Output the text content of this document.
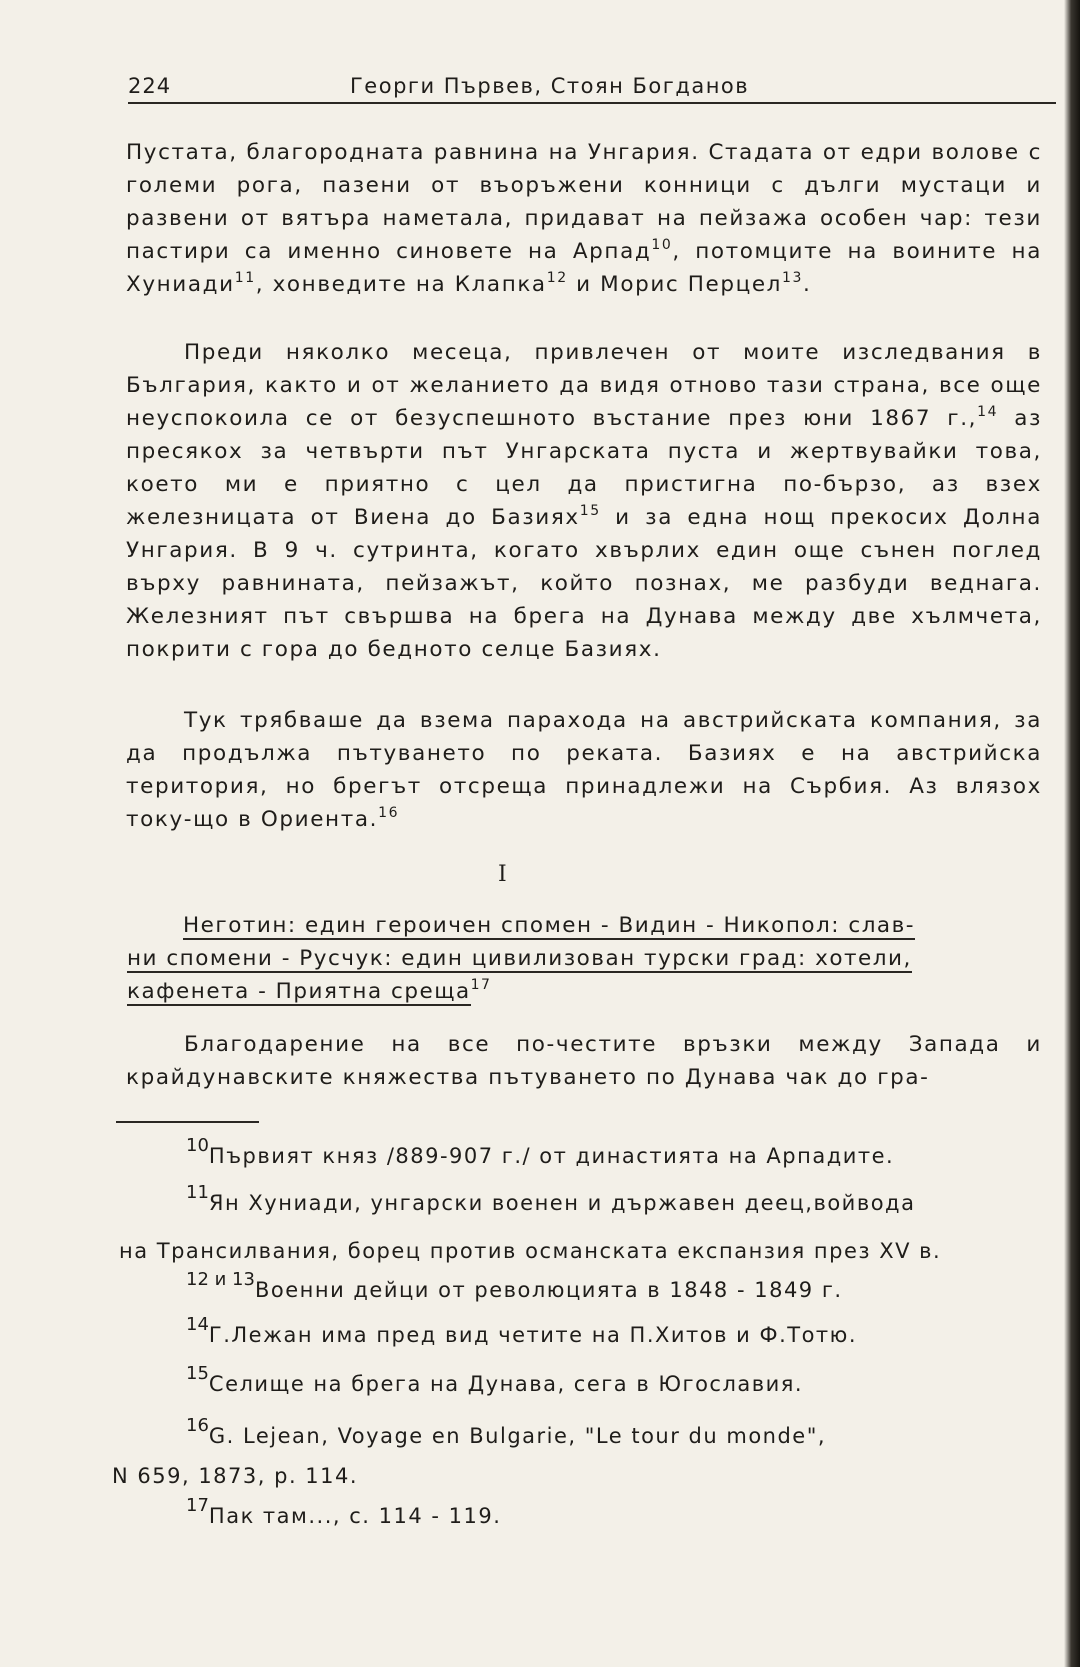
224	Георги Първев, Стоян Богданов

Пустата, благородната равнина на Унгария. Стадата от едри волове с големи рога, пазени от въоръжени конници с дълги мустаци и развени от вятъра наметала, придават на пейзажа особен чар: тези пастири са именно синовете на Арпад$^{10}$, потомците на воините на Хуниади$^{11}$, хонведите на Клапка$^{12}$ и Морис Перцел$^{13}$.

Преди няколко месеца, привлечен от моите изследвания в България, както и от желанието да видя отново тази страна, все още неуспокоила се от безуспешното въстание през юни 1867 г.,$^{14}$ аз пресякох за четвърти път Унгарската пуста и жертвувайки това, което ми е приятно с цел да пристигна по-бързо, аз взех железницата от Виена до Базиях$^{15}$ и за една нощ прекосих Долна Унгария. В 9 ч. сутринта, когато хвърлих един още сънен поглед върху равнината, пейзажът, който познах, ме разбуди веднага. Железният път свършва на брега на Дунава между две хълмчета, покрити с гора до бедното селце Базиях.

Тук трябваше да взема парахода на австрийската компания, за да продължа пътуването по реката. Базиях е на австрийска територия, но брегът отсреща принадлежи на Сърбия. Аз влязох току-що в Ориента.$^{16}$

I
Неготин: един героичен спомен - Видин - Никопол: слав-
ни спомени - Русчук: един цивилизован турски град: хотели,
кафенета - Приятна среща$^{17}$

Благодарение на все по-честите връзки между Запада и крайдунавските княжества пътуването по Дунава чак до гра-

10Първият княз /889-907 г./ от династията на Арпадите.
11Ян Хуниади, унгарски военен и държавен деец,войвода
на Трансилвания, борец против османската експанзия през XV в.
12 и 13Военни дейци от революцията в 1848 - 1849 г.
14Г.Лежан има пред вид четите на П.Хитов и Ф.Тотю.
15Селище на брега на Дунава, сега в Югославия.
16G. Lejean, Voyage en Bulgarie, "Le tour du monde",
N 659, 1873, p. 114.
17Пак там..., с. 114 - 119.
